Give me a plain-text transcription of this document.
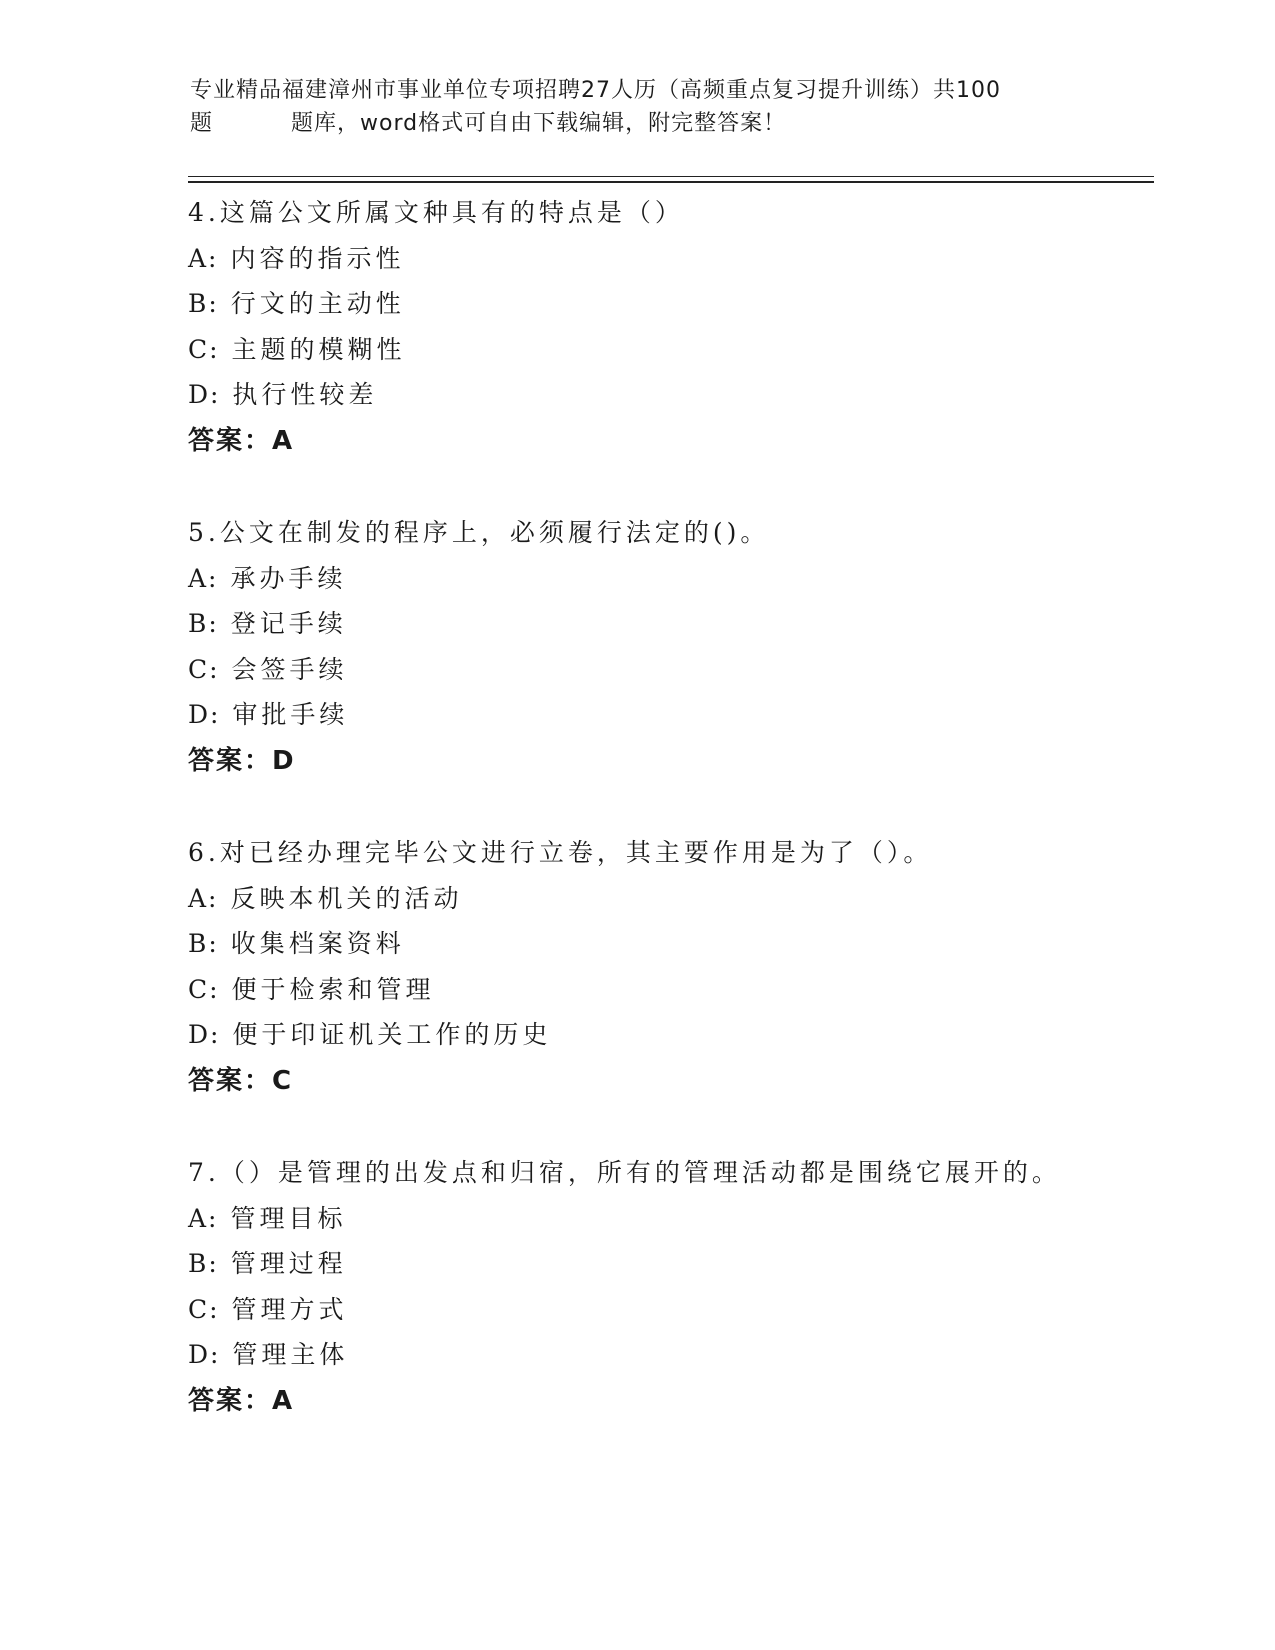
专业精品福建漳州市事业单位专项招聘27人历（高频重点复习提升训练）共100

题	题库，word格式可自由下载编辑，附完整答案！
4.这篇公文所属文种具有的特点是（）
A: 内容的指示性
B: 行文的主动性
C: 主题的模糊性
D: 执行性较差
答案：A
5.公文在制发的程序上，必须履行法定的()。
A: 承办手续
B: 登记手续
C: 会签手续
D: 审批手续
答案：D
6.对已经办理完毕公文进行立卷，其主要作用是为了（）。
A: 反映本机关的活动
B: 收集档案资料
C: 便于检索和管理
D: 便于印证机关工作的历史
答案：C
7.（）是管理的出发点和归宿，所有的管理活动都是围绕它展开的。
A: 管理目标
B: 管理过程
C: 管理方式
D: 管理主体
答案：A
